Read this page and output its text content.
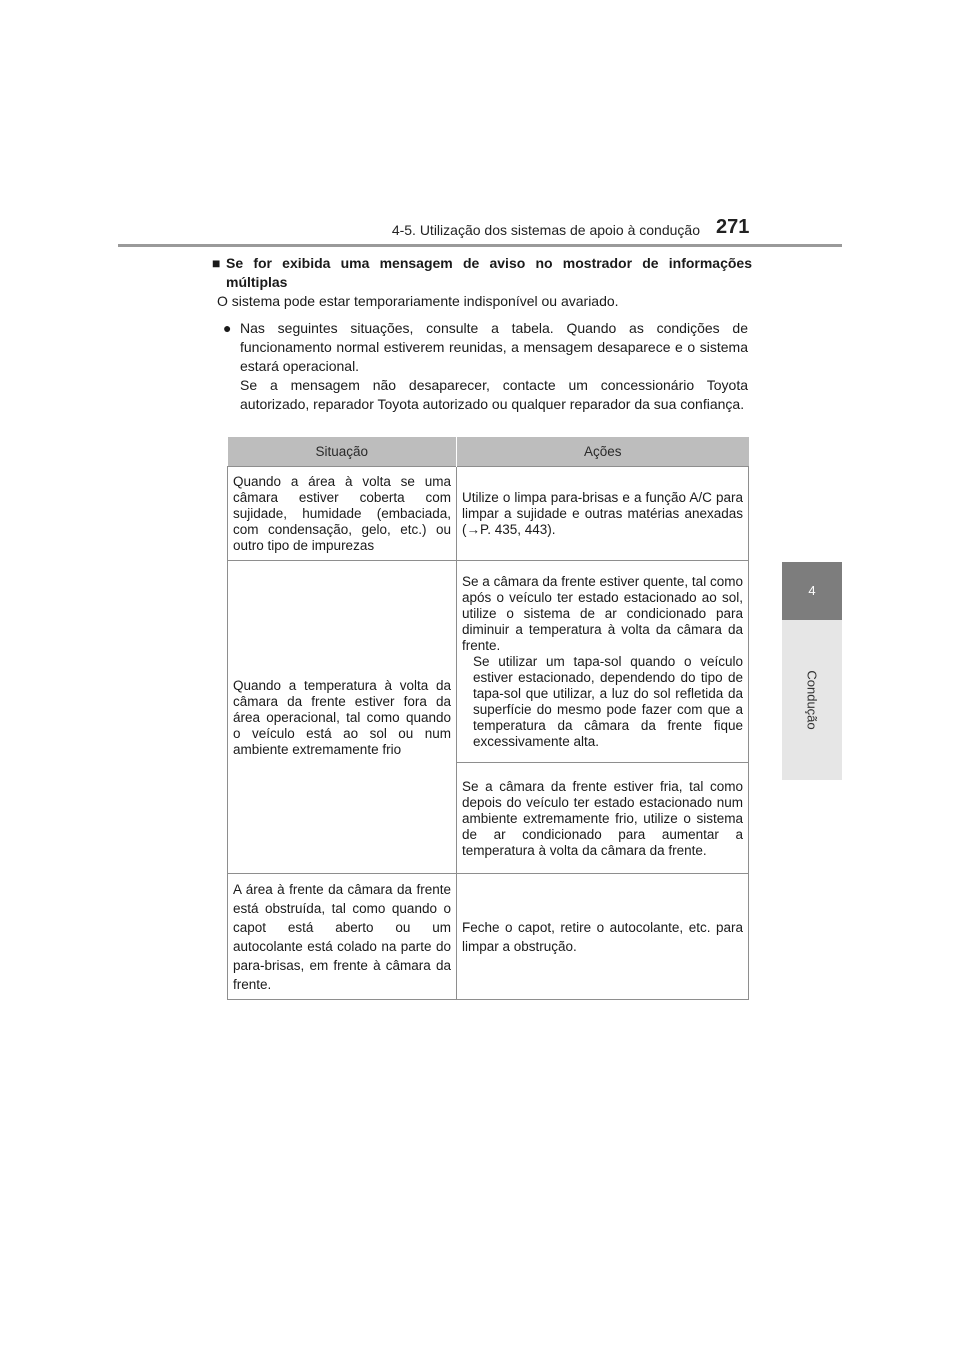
4-5. Utilização dos sistemas de apoio à condução 271
4
Condução
■ Se for exibida uma mensagem de aviso no mostrador de informações múltiplas
O sistema pode estar temporariamente indisponível ou avariado.
● Nas seguintes situações, consulte a tabela. Quando as condições de funcionamento normal estiverem reunidas, a mensagem desaparece e o sistema estará operacional.
Se a mensagem não desaparecer, contacte um concessionário Toyota autorizado, reparador Toyota autorizado ou qualquer reparador da sua confiança.
Situação	Ações
Quando a área à volta se uma câmara estiver coberta com sujidade, humidade (embaciada, com condensação, gelo, etc.) ou outro tipo de impurezas	Utilize o limpa para-brisas e a função A/C para limpar a sujidade e outras matérias anexadas (→P. 435, 443).
Quando a temperatura à volta da câmara da frente estiver fora da área operacional, tal como quando o veículo está ao sol ou num ambiente extremamente frio	Se a câmara da frente estiver quente, tal como após o veículo ter estado estacionado ao sol, utilize o sistema de ar condicionado para diminuir a temperatura à volta da câmara da frente.
Se utilizar um tapa-sol quando o veículo estiver estacionado, dependendo do tipo de tapa-sol que utilizar, a luz do sol refletida da superfície do mesmo pode fazer com que a temperatura da câmara da frente fique excessivamente alta.

	Se a câmara da frente estiver fria, tal como depois do veículo ter estado estacionado num ambiente extremamente frio, utilize o sistema de ar condicionado para aumentar a temperatura à volta da câmara da frente.
A área à frente da câmara da frente está obstruída, tal como quando o capot está aberto ou um autocolante está colado na parte do para-brisas, em frente à câmara da frente.	Feche o capot, retire o autocolante, etc. para limpar a obstrução.
